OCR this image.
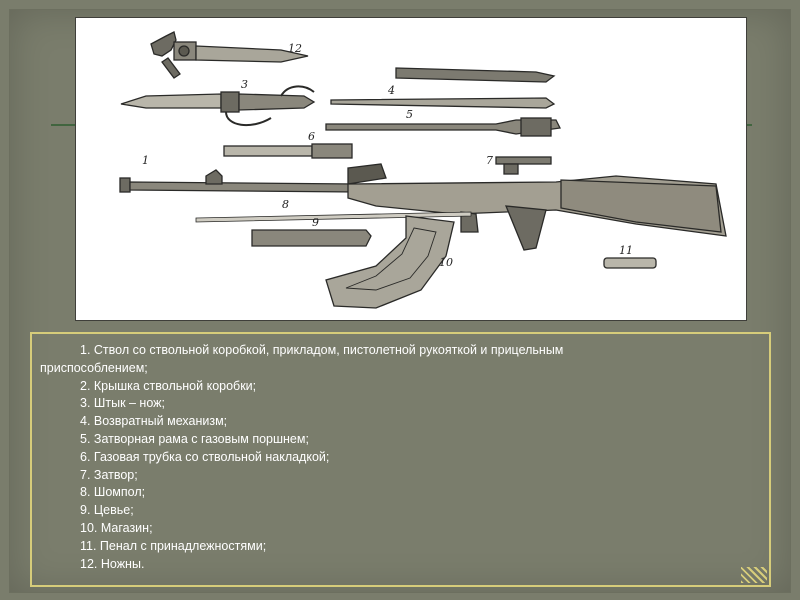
12
3
6
4
5
7
1
8
9
10
11
1. Ствол со ствольной коробкой, прикладом, пистолетной рукояткой и прицельным
приспособлением;
2. Крышка ствольной коробки;
3. Штык – нож;
4. Возвратный механизм;
5. Затворная рама с газовым поршнем;
6. Газовая трубка со ствольной накладкой;
7. Затвор;
8. Шомпол;
9. Цевье;
10. Магазин;
11. Пенал с принадлежностями;
12. Ножны.
